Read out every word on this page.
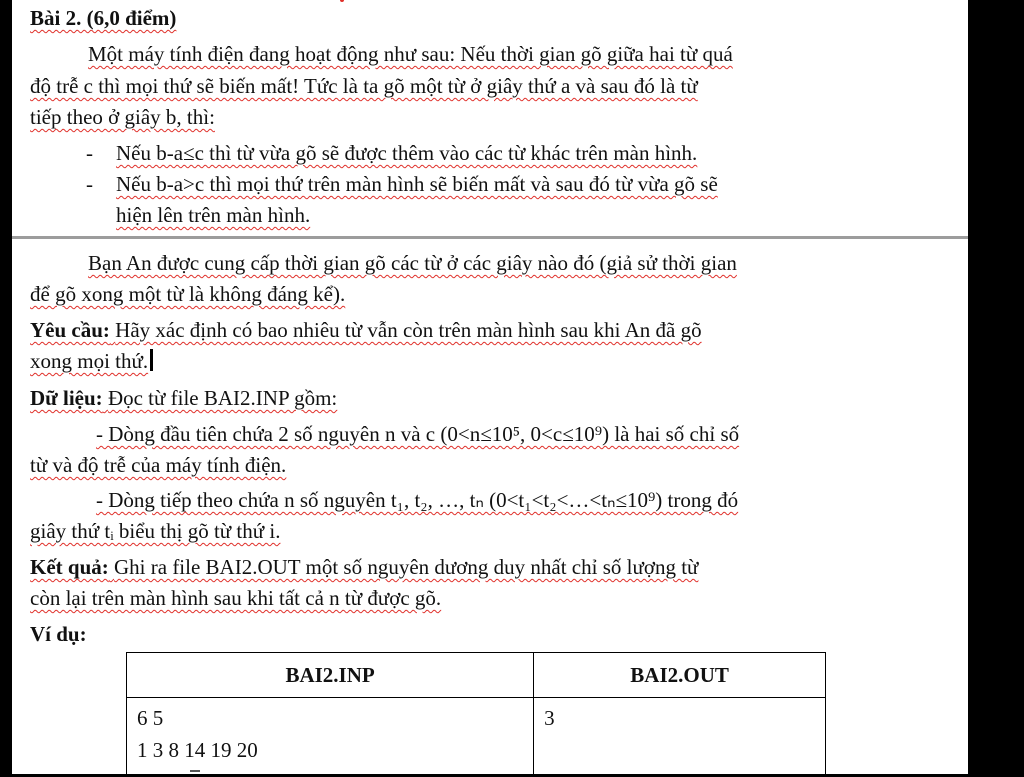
Bài 2. (6,0 điểm)
Một máy tính điện đang hoạt động như sau: Nếu thời gian gõ giữa hai từ quá
độ trễ c thì mọi thứ sẽ biến mất! Tức là ta gõ một từ ở giây thứ a và sau đó là từ
tiếp theo ở giây b, thì:
- Nếu b-a≤c thì từ vừa gõ sẽ được thêm vào các từ khác trên màn hình.
- Nếu b-a>c thì mọi thứ trên màn hình sẽ biến mất và sau đó từ vừa gõ sẽ
hiện lên trên màn hình.
Bạn An được cung cấp thời gian gõ các từ ở các giây nào đó (giả sử thời gian
để gõ xong một từ là không đáng kể).
Yêu cầu: Hãy xác định có bao nhiêu từ vẫn còn trên màn hình sau khi An đã gõ
xong mọi thứ.
Dữ liệu: Đọc từ file BAI2.INP gồm:
- Dòng đầu tiên chứa 2 số nguyên n và c (0<n≤10⁵, 0<c≤10⁹) là hai số chỉ số
từ và độ trễ của máy tính điện.
- Dòng tiếp theo chứa n số nguyên t₁, t₂, …, tₙ (0<t₁<t₂<…<tₙ≤10⁹) trong đó
giây thứ tᵢ biểu thị gõ từ thứ i.
Kết quả: Ghi ra file BAI2.OUT một số nguyên dương duy nhất chỉ số lượng từ
còn lại trên màn hình sau khi tất cả n từ được gõ.
Ví dụ:
BAI2.INP	BAI2.OUT

6 5
1 3 8 14 19 20	3
